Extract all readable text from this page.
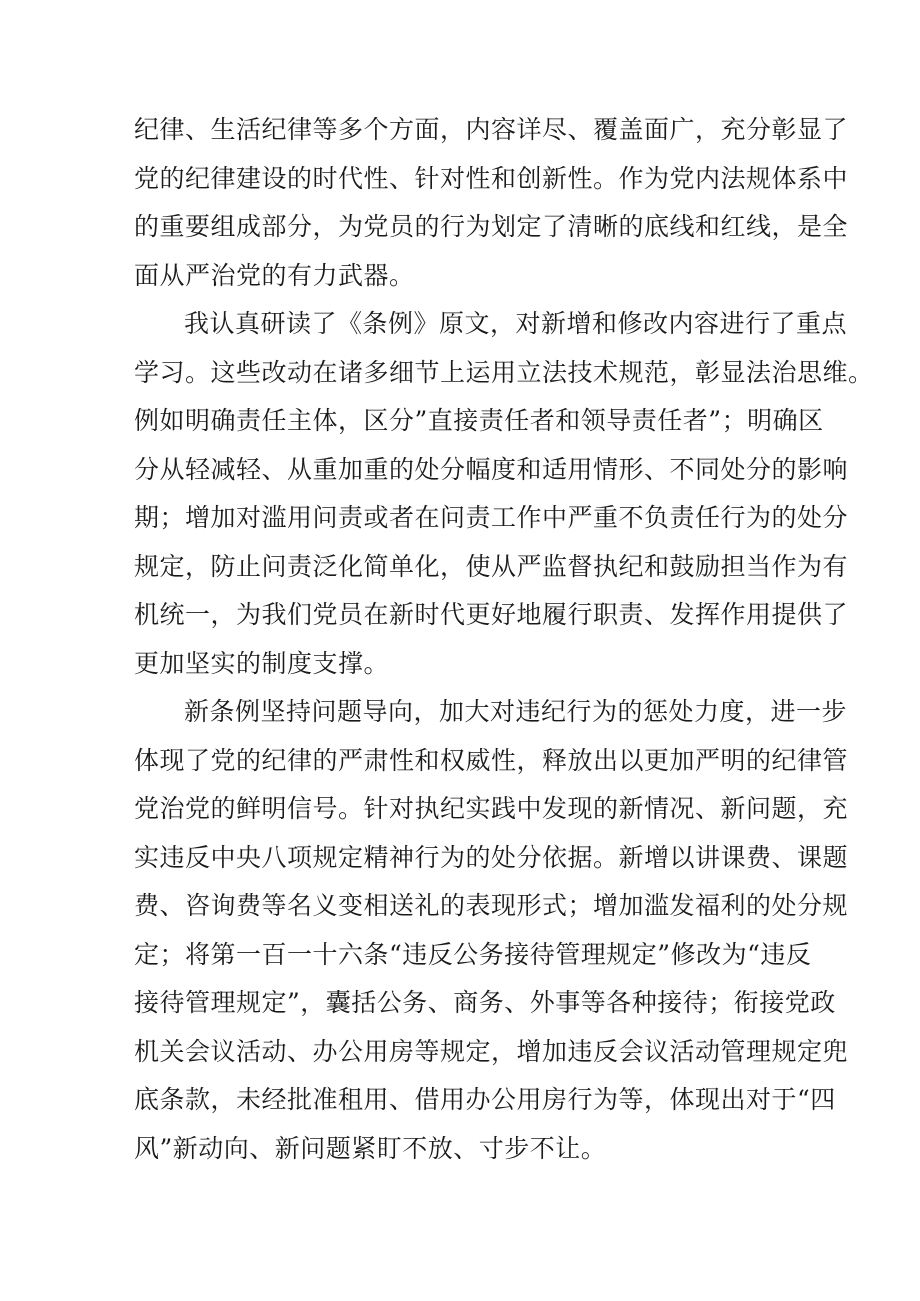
纪律、生活纪律等多个方面，内容详尽、覆盖面广，充分彰显了
党的纪律建设的时代性、针对性和创新性。作为党内法规体系中
的重要组成部分，为党员的行为划定了清晰的底线和红线，是全
面从严治党的有力武器。
我认真研读了《条例》原文，对新增和修改内容进行了重点
学习。这些改动在诸多细节上运用立法技术规范，彰显法治思维。
例如明确责任主体，区分”直接责任者和领导责任者”；明确区
分从轻减轻、从重加重的处分幅度和适用情形、不同处分的影响
期；增加对滥用问责或者在问责工作中严重不负责任行为的处分
规定，防止问责泛化简单化，使从严监督执纪和鼓励担当作为有
机统一，为我们党员在新时代更好地履行职责、发挥作用提供了
更加坚实的制度支撑。
新条例坚持问题导向，加大对违纪行为的惩处力度，进一步
体现了党的纪律的严肃性和权威性，释放出以更加严明的纪律管
党治党的鲜明信号。针对执纪实践中发现的新情况、新问题，充
实违反中央八项规定精神行为的处分依据。新增以讲课费、课题
费、咨询费等名义变相送礼的表现形式；增加滥发福利的处分规
定；将第一百一十六条“违反公务接待管理规定”修改为“违反
接待管理规定”，囊括公务、商务、外事等各种接待；衔接党政
机关会议活动、办公用房等规定，增加违反会议活动管理规定兜
底条款，未经批准租用、借用办公用房行为等，体现出对于“四
风”新动向、新问题紧盯不放、寸步不让。
